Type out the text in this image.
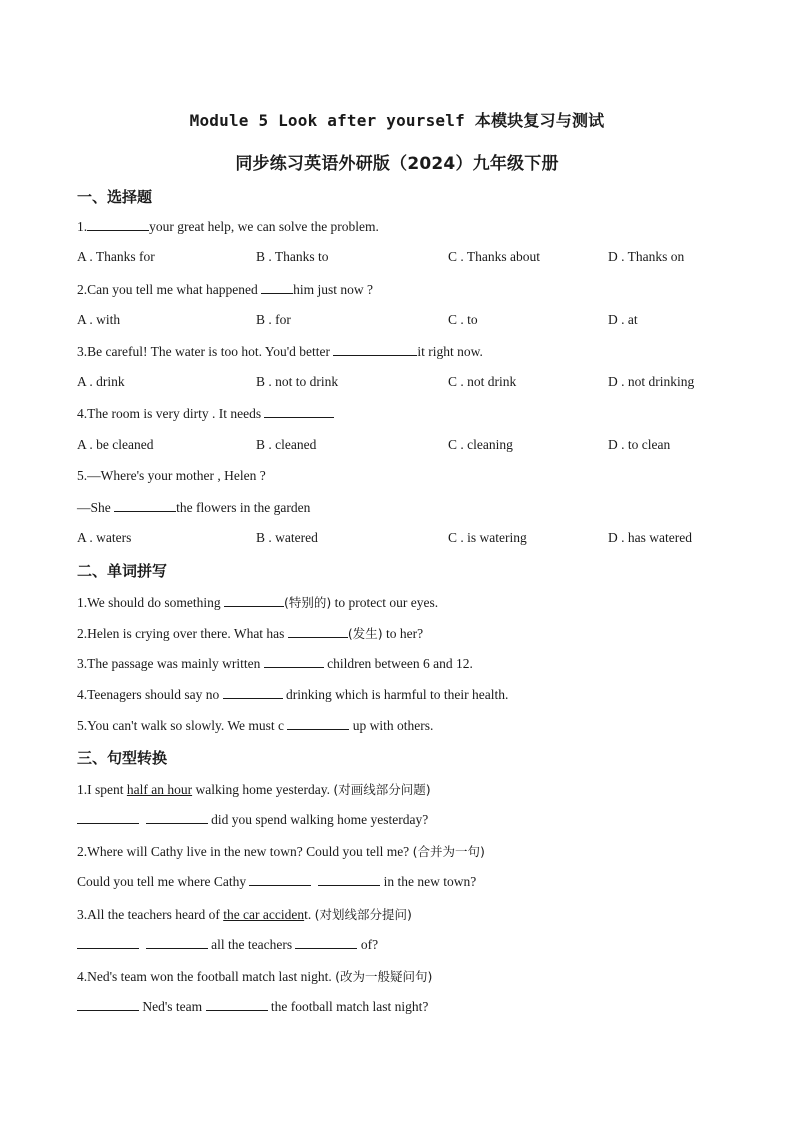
Module 5 Look after yourself 本模块复习与测试
同步练习英语外研版（2024）九年级下册
一、选择题
1.	your great help, we can solve the problem.
A . Thanks for	B . Thanks to	C . Thanks about	D . Thanks on
2.Can you tell me what happened him just now ?
A . with	B . for	C . to	D . at
3.Be careful! The water is too hot. You'd better	it right now.
A . drink	B . not to drink	C . not drink	D . not drinking
4.The room is very dirty . It needs
A . be cleaned	B . cleaned	C . cleaning	D . to clean
5.—Where's your mother , Helen ?
—She	the flowers in the garden
A . waters	B . watered	C . is watering	D . has watered
二、单词拼写
1.We should do something	(特别的) to protect our eyes.
2.Helen is crying over there. What has	(发生) to her?
3.The passage was mainly written	children between 6 and 12.
4.Teenagers should say no	drinking which is harmful to their health.
5.You can't walk so slowly. We must c	up with others.
三、句型转换
1.I spent half an hour walking home yesterday. (对画线部分问题)
did you spend walking home yesterday?
2.Where will Cathy live in the new town? Could you tell me? (合并为一句)
Could you tell me where Cathy	in the new town?
3.All the teachers heard of the car accident. (对划线部分提问)
all the teachers	of?
4.Ned's team won the football match last night. (改为一般疑问句)
Ned's team	the football match last night?
